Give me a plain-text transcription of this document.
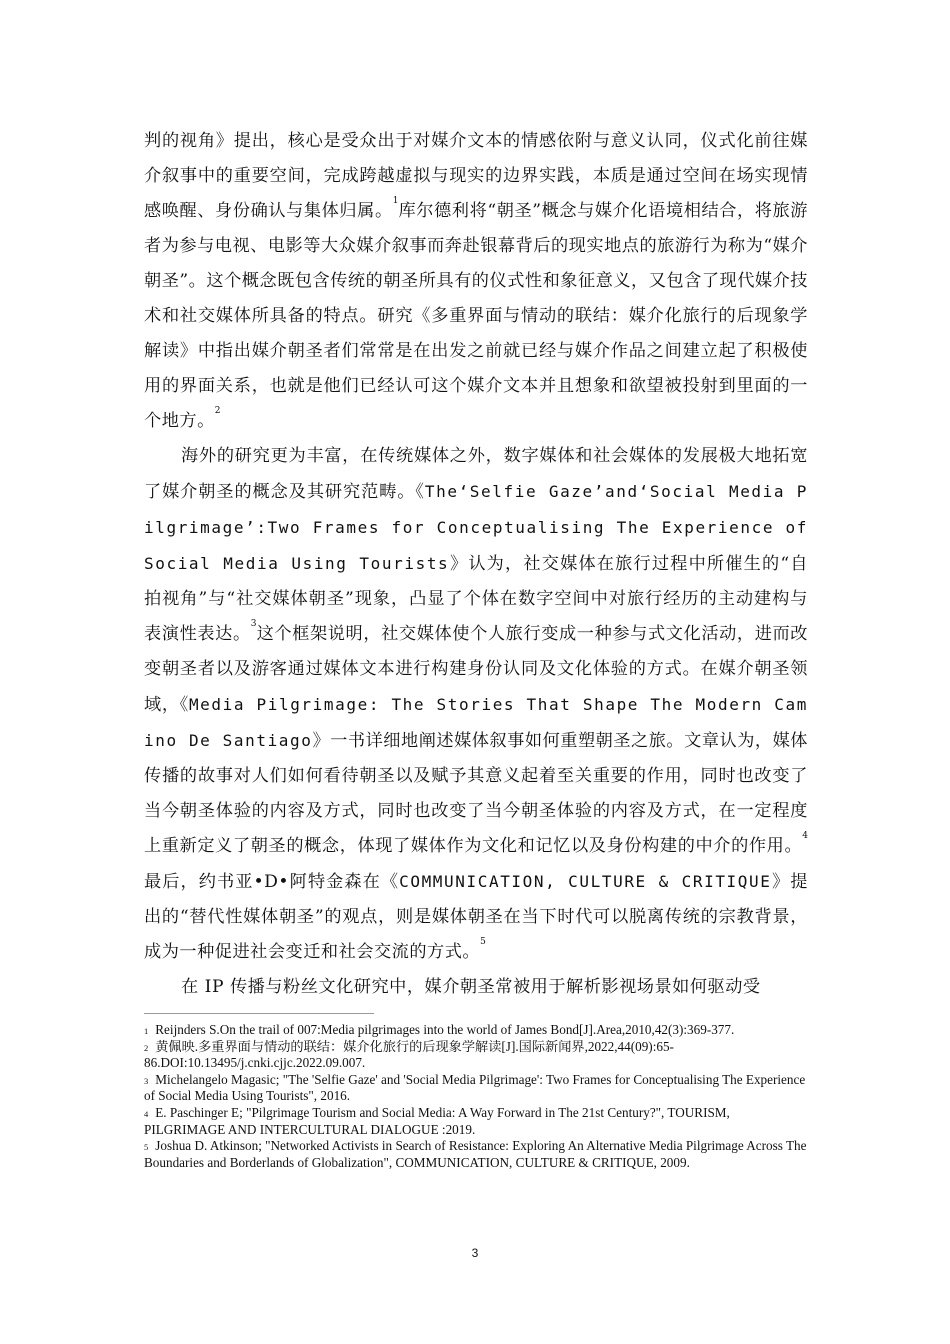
判的视角》提出，核心是受众出于对媒介文本的情感依附与意义认同，仪式化前往媒介叙事中的重要空间，完成跨越虚拟与现实的边界实践，本质是通过空间在场实现情感唤醒、身份确认与集体归属。$^1$库尔德利将“朝圣”概念与媒介化语境相结合，将旅游者为参与电视、电影等大众媒介叙事而奔赴银幕背后的现实地点的旅游行为称为“媒介朝圣”。这个概念既包含传统的朝圣所具有的仪式性和象征意义，又包含了现代媒介技术和社交媒体所具备的特点。研究《多重界面与情动的联结：媒介化旅行的后现象学解读》中指出媒介朝圣者们常常是在出发之前就已经与媒介作品之间建立起了积极使用的界面关系，也就是他们已经认可这个媒介文本并且想象和欲望被投射到里面的一个地方。$^2$

海外的研究更为丰富，在传统媒体之外，数字媒体和社会媒体的发展极大地拓宽了媒介朝圣的概念及其研究范畴。《The‘Selfie Gaze’and‘Social Media Pilgrimage’:Two Frames for Conceptualising The Experience of Social Media Using Tourists》认为，社交媒体在旅行过程中所催生的“自拍视角”与“社交媒体朝圣”现象，凸显了个体在数字空间中对旅行经历的主动建构与表演性表达。$^3$这个框架说明，社交媒体使个人旅行变成一种参与式文化活动，进而改变朝圣者以及游客通过媒体文本进行构建身份认同及文化体验的方式。在媒介朝圣领域，《Media Pilgrimage: The Stories That Shape The Modern Camino De Santiago》一书详细地阐述媒体叙事如何重塑朝圣之旅。文章认为，媒体传播的故事对人们如何看待朝圣以及赋予其意义起着至关重要的作用，同时也改变了当今朝圣体验的内容及方式，同时也改变了当今朝圣体验的内容及方式，在一定程度上重新定义了朝圣的概念，体现了媒体作为文化和记忆以及身份构建的中介的作用。$^4$最后，约书亚•D•阿特金森在《COMMUNICATION, CULTURE & CRITIQUE》提出的“替代性媒体朝圣”的观点，则是媒体朝圣在当下时代可以脱离传统的宗教背景，成为一种促进社会变迁和社会交流的方式。$^5$

在 IP 传播与粉丝文化研究中，媒介朝圣常被用于解析影视场景如何驱动受

$^1$ Reijnders S.On the trail of 007:Media pilgrimages into the world of James Bond[J].Area,2010,42(3):369-377.

$^2$ 黄佩映.多重界面与情动的联结：媒介化旅行的后现象学解读[J].国际新闻界,2022,44(09):65-86.DOI:10.13495/j.cnki.cjjc.2022.09.007.

$^3$ Michelangelo Magasic; "The 'Selfie Gaze' and 'Social Media Pilgrimage': Two Frames for Conceptualising The Experience of Social Media Using Tourists", 2016.

$^4$ E. Paschinger E; "Pilgrimage Tourism and Social Media: A Way Forward in The 21st Century?", TOURISM, PILGRIMAGE AND INTERCULTURAL DIALOGUE :2019.

$^5$ Joshua D. Atkinson; "Networked Activists in Search of Resistance: Exploring An Alternative Media Pilgrimage Across The Boundaries and Borderlands of Globalization", COMMUNICATION, CULTURE & CRITIQUE, 2009.

3
